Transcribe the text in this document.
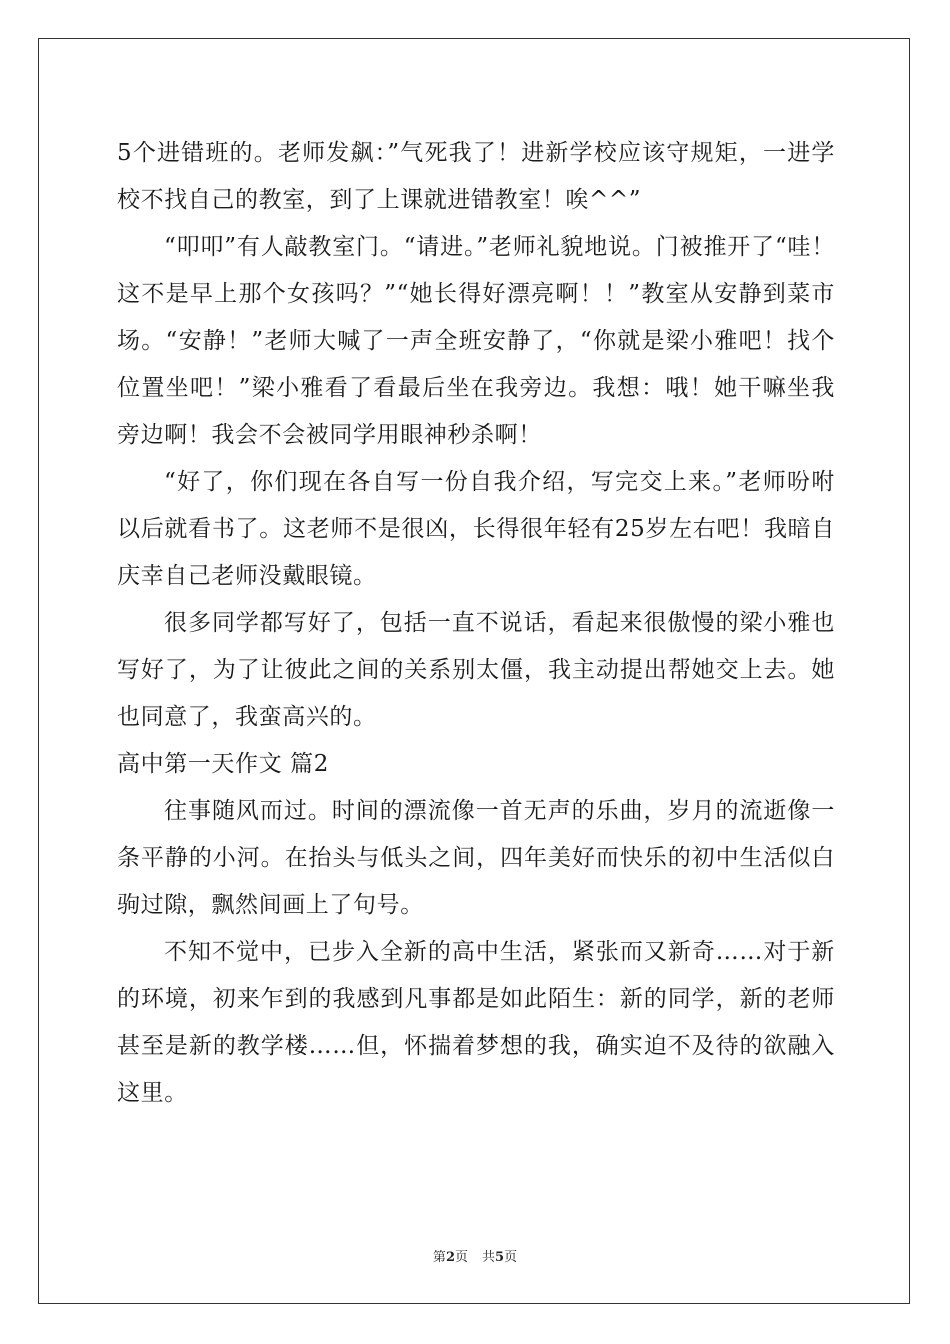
5个进错班的。老师发飙：”气死我了！进新学校应该守规矩，一进学校不找自己的教室，到了上课就进错教室！唉^^”

“叩叩”有人敲教室门。“请进。”老师礼貌地说。门被推开了“哇！这不是早上那个女孩吗？”“她长得好漂亮啊！！”教室从安静到菜市场。“安静！”老师大喊了一声全班安静了，“你就是梁小雅吧！找个位置坐吧！”梁小雅看了看最后坐在我旁边。我想：哦！她干嘛坐我旁边啊！我会不会被同学用眼神秒杀啊！

“好了，你们现在各自写一份自我介绍，写完交上来。”老师吩咐以后就看书了。这老师不是很凶，长得很年轻有25岁左右吧！我暗自庆幸自己老师没戴眼镜。

很多同学都写好了，包括一直不说话，看起来很傲慢的梁小雅也写好了，为了让彼此之间的关系别太僵，我主动提出帮她交上去。她也同意了，我蛮高兴的。

高中第一天作文 篇2

往事随风而过。时间的漂流像一首无声的乐曲，岁月的流逝像一条平静的小河。在抬头与低头之间，四年美好而快乐的初中生活似白驹过隙，飘然间画上了句号。

不知不觉中，已步入全新的高中生活，紧张而又新奇……对于新的环境，初来乍到的我感到凡事都是如此陌生：新的同学，新的老师甚至是新的教学楼……但，怀揣着梦想的我，确实迫不及待的欲融入这里。

第2页 共5页
